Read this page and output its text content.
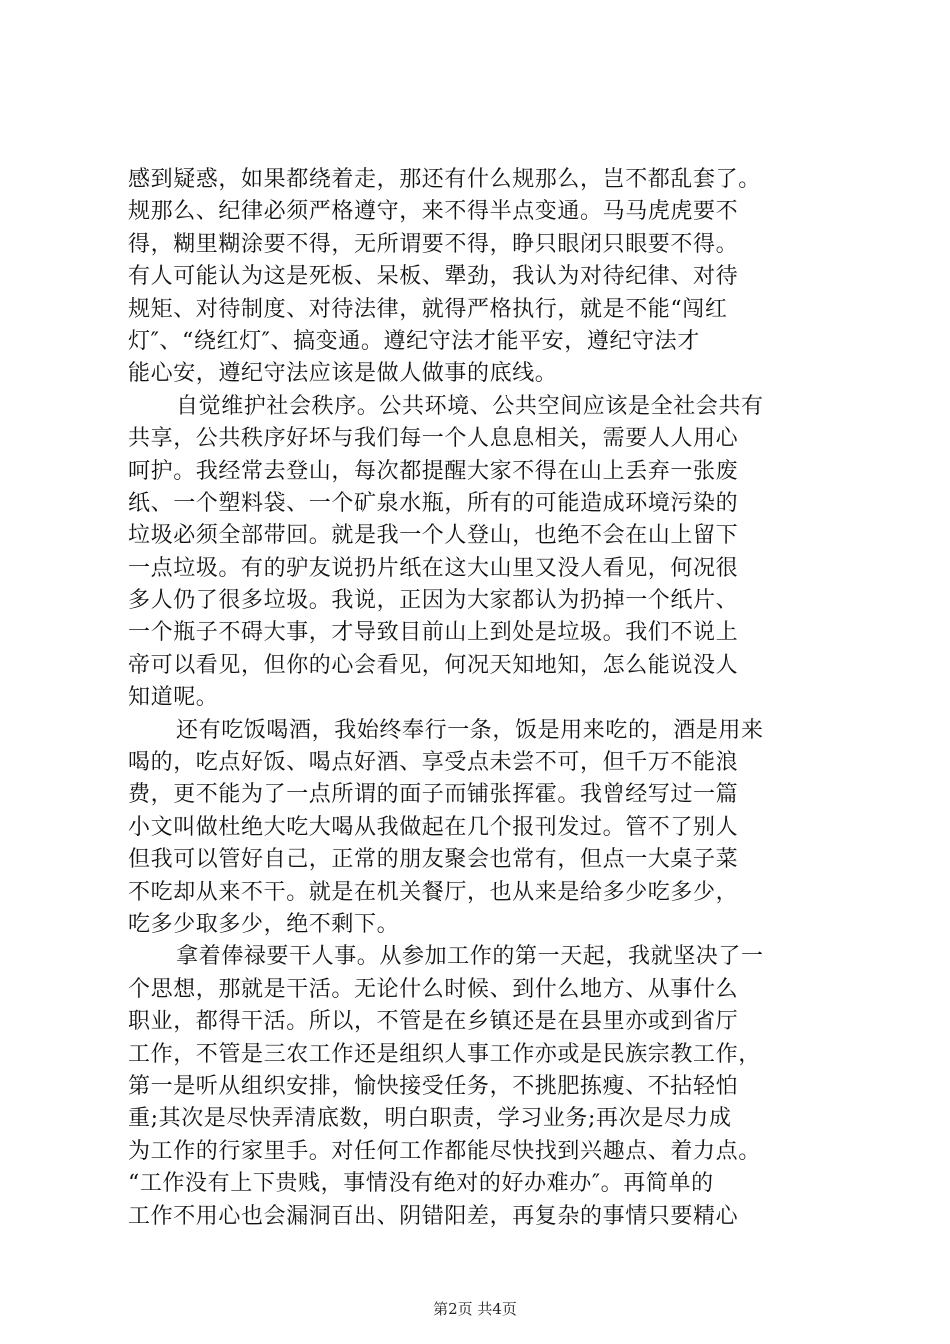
感到疑惑，如果都绕着走，那还有什么规那么，岂不都乱套了。
规那么、纪律必须严格遵守，来不得半点变通。马马虎虎要不
得，糊里糊涂要不得，无所谓要不得，睁只眼闭只眼要不得。
有人可能认为这是死板、呆板、犟劲，我认为对待纪律、对待
规矩、对待制度、对待法律，就得严格执行，就是不能“闯红
灯″、“绕红灯″、搞变通。遵纪守法才能平安，遵纪守法才
能心安，遵纪守法应该是做人做事的底线。
自觉维护社会秩序。公共环境、公共空间应该是全社会共有
共享，公共秩序好坏与我们每一个人息息相关，需要人人用心
呵护。我经常去登山，每次都提醒大家不得在山上丢弃一张废
纸、一个塑料袋、一个矿泉水瓶，所有的可能造成环境污染的
垃圾必须全部带回。就是我一个人登山，也绝不会在山上留下
一点垃圾。有的驴友说扔片纸在这大山里又没人看见，何况很
多人仍了很多垃圾。我说，正因为大家都认为扔掉一个纸片、
一个瓶子不碍大事，才导致目前山上到处是垃圾。我们不说上
帝可以看见，但你的心会看见，何况天知地知，怎么能说没人
知道呢。
还有吃饭喝酒，我始终奉行一条，饭是用来吃的，酒是用来
喝的，吃点好饭、喝点好酒、享受点未尝不可，但千万不能浪
费，更不能为了一点所谓的面子而铺张挥霍。我曾经写过一篇
小文叫做杜绝大吃大喝从我做起在几个报刊发过。管不了别人
但我可以管好自己，正常的朋友聚会也常有，但点一大桌子菜
不吃却从来不干。就是在机关餐厅，也从来是给多少吃多少，
吃多少取多少，绝不剩下。
拿着俸禄要干人事。从参加工作的第一天起，我就坚决了一
个思想，那就是干活。无论什么时候、到什么地方、从事什么
职业，都得干活。所以，不管是在乡镇还是在县里亦或到省厅
工作，不管是三农工作还是组织人事工作亦或是民族宗教工作，
第一是听从组织安排，愉快接受任务，不挑肥拣瘦、不拈轻怕
重;其次是尽快弄清底数，明白职责，学习业务;再次是尽力成
为工作的行家里手。对任何工作都能尽快找到兴趣点、着力点。
“工作没有上下贵贱，事情没有绝对的好办难办″。再简单的
工作不用心也会漏洞百出、阴错阳差，再复杂的事情只要精心
第2页 共4页
